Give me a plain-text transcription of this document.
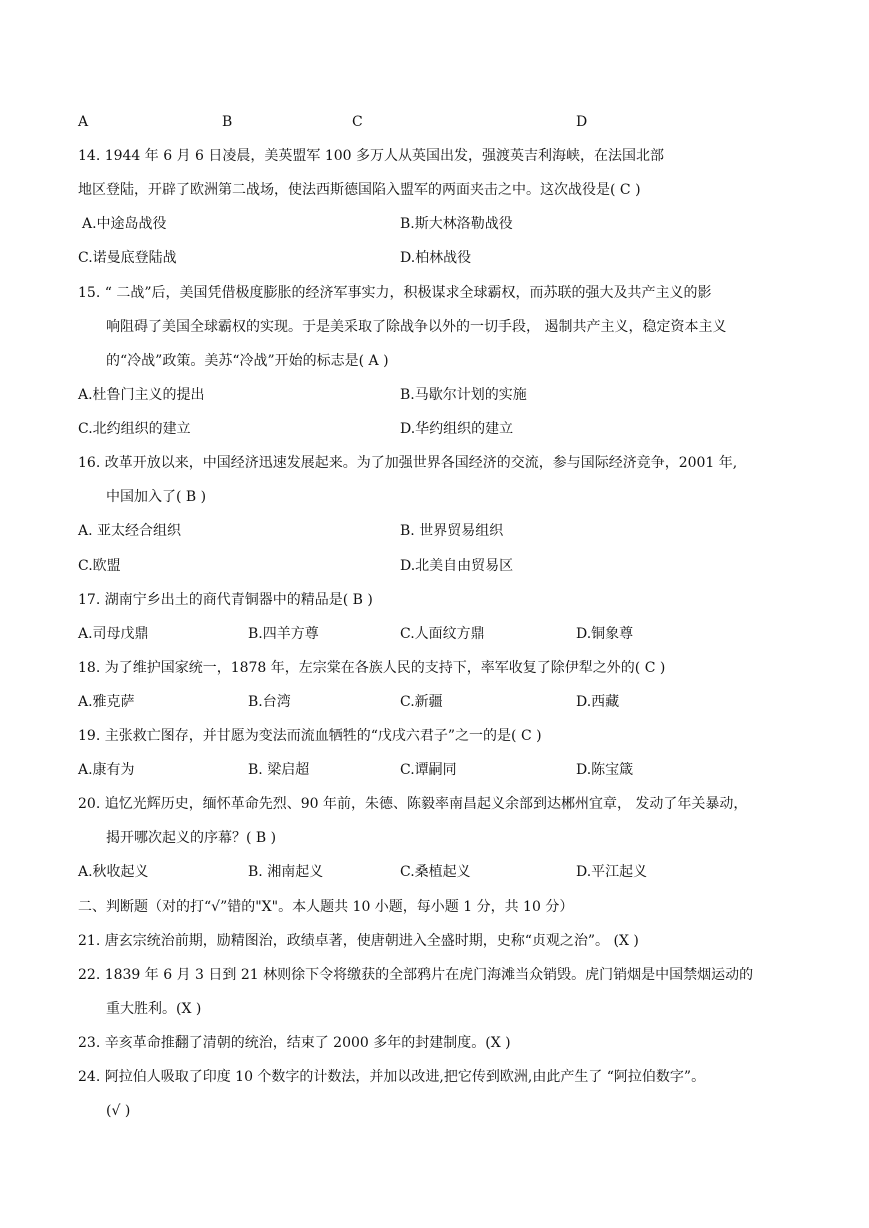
A	B	C	D
14. 1944 年 6 月 6 日凌晨，美英盟军 100 多万人从英国出发，强渡英吉利海峡，在法国北部
地区登陆，开辟了欧洲第二战场，使法西斯德国陷入盟军的两面夹击之中。这次战役是( C )
A.中途岛战役	B.斯大林洛勒战役
C.诺曼底登陆战	D.柏林战役
15. “ 二战”后，美国凭借极度膨胀的经济军事实力，积极谋求全球霸权，而苏联的强大及共产主义的影
响阻碍了美国全球霸权的实现。于是美采取了除战争以外的一切手段， 遏制共产主义，稳定资本主义
的“冷战”政策。美苏“冷战”开始的标志是( A )
A.杜鲁门主义的提出	B.马歇尔计划的实施
C.北约组织的建立	D.华约组织的建立
16. 改革开放以来，中国经济迅速发展起来。为了加强世界各国经济的交流，参与国际经济竞争，2001 年,
中国加入了( B )
A. 亚太经合组织	B. 世界贸易组织
C.欧盟	D.北美自由贸易区
17. 湖南宁乡出土的商代青铜器中的精品是( B )
A.司母戊鼎	B.四羊方尊	C.人面纹方鼎	D.铜象尊
18. 为了维护国家统一，1878 年，左宗棠在各族人民的支持下，率军收复了除伊犁之外的( C )
A.雅克萨	B.台湾	C.新疆	D.西藏
19. 主张救亡图存，并甘愿为变法而流血牺牲的“戊戌六君子”之一的是( C )
A.康有为	B. 梁启超	C.谭嗣同	D.陈宝箴
20. 追忆光辉历史，缅怀革命先烈、90 年前，朱德、陈毅率南昌起义余部到达郴州宜章， 发动了年关暴动，
揭开哪次起义的序幕？( B )
A.秋收起义	B. 湘南起义	C.桑植起义	D.平江起义
二、判断题（对的打“√”错的"X"。本人题共 10 小题，每小题 1 分，共 10 分）
21. 唐玄宗统治前期，励精图治，政绩卓著，使唐朝进入全盛时期，史称“贞观之治”。 (X )
22. 1839 年 6 月 3 日到 21 林则徐下令将缴获的全部鸦片在虎门海滩当众销毁。虎门销烟是中国禁烟运动的
重大胜利。(X )
23. 辛亥革命推翻了清朝的统治，结束了 2000 多年的封建制度。(X )
24. 阿拉伯人吸取了印度 10 个数字的计数法，并加以改进,把它传到欧洲,由此产生了 “阿拉伯数字”。
(√ )
